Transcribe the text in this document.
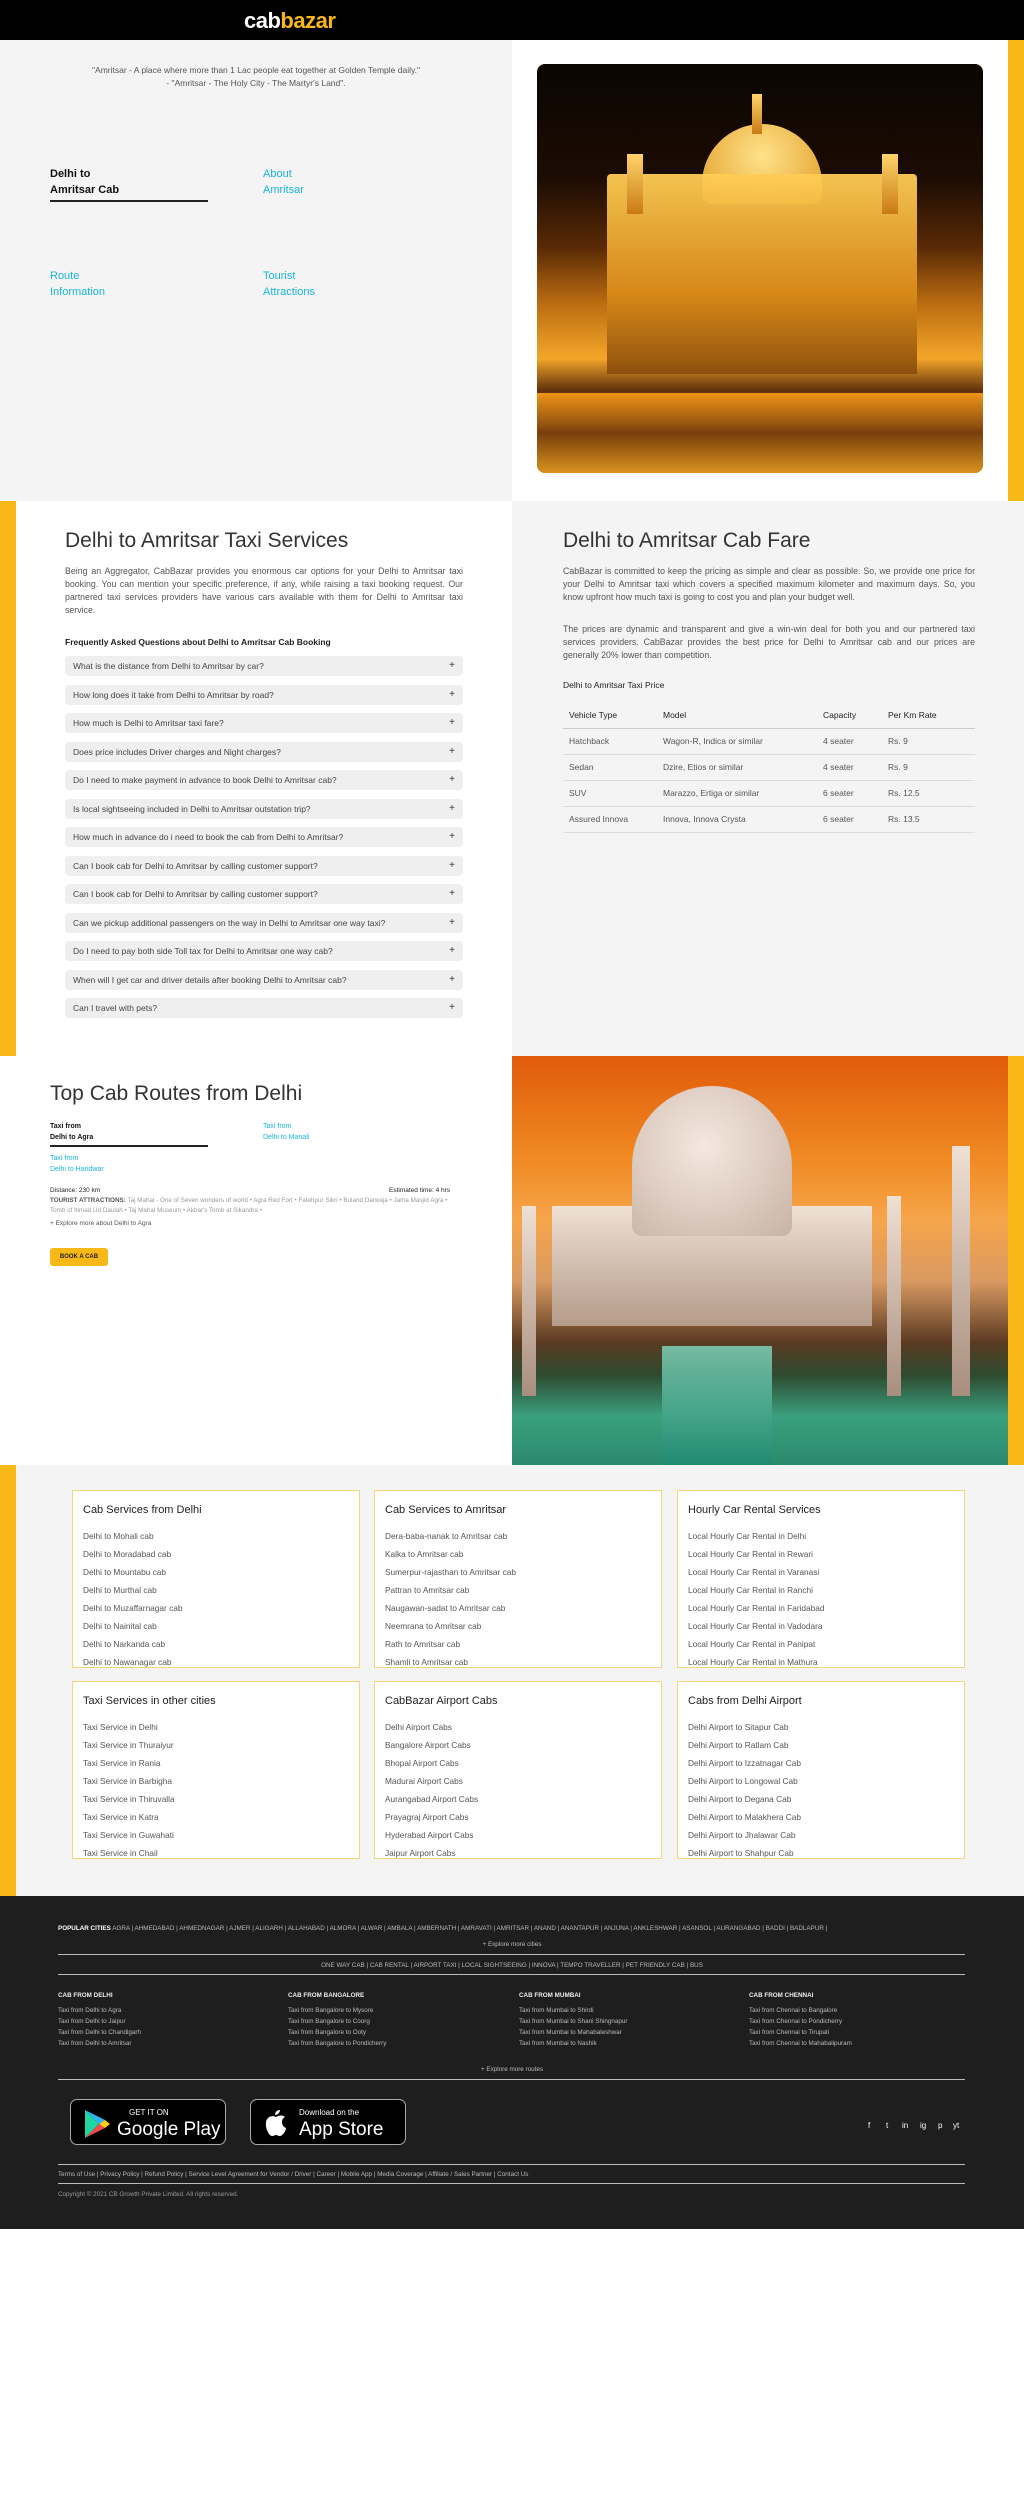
cabbazar
"Amritsar - A place where more than 1 Lac people eat together at Golden Temple daily."
- "Amritsar - The Holy City - The Martyr's Land".
Delhi to
Amritsar Cab
About
Amritsar
Route
Information
Tourist
Attractions
Delhi to Amritsar Taxi Services

Being an Aggregator, CabBazar provides you enormous car options for your Delhi to Amritsar taxi booking. You can mention your specific preference, if any, while raising a taxi booking request. Our partnered taxi services providers have various cars available with them for Delhi to Amritsar taxi service.

Frequently Asked Questions about Delhi to Amritsar Cab Booking
What is the distance from Delhi to Amritsar by car?	+
How long does it take from Delhi to Amritsar by road?	+
How much is Delhi to Amritsar taxi fare?	+
Does price includes Driver charges and Night charges?	+
Do I need to make payment in advance to book Delhi to Amritsar cab?	+
Is local sightseeing included in Delhi to Amritsar outstation trip?	+
How much in advance do i need to book the cab from Delhi to Amritsar?	+
Can I book cab for Delhi to Amritsar by calling customer support?	+
Can I book cab for Delhi to Amritsar by calling customer support?	+
Can we pickup additional passengers on the way in Delhi to Amritsar one way taxi?	+
Do I need to pay both side Toll tax for Delhi to Amritsar one way cab?	+
When will I get car and driver details after booking Delhi to Amritsar cab?	+
Can I travel with pets?	+
Delhi to Amritsar Cab Fare

CabBazar is committed to keep the pricing as simple and clear as possible. So, we provide one price for your Delhi to Amritsar taxi which covers a specified maximum kilometer and maximum days. So, you know upfront how much taxi is going to cost you and plan your budget well.

The prices are dynamic and transparent and give a win-win deal for both you and our partnered taxi services providers. CabBazar provides the best price for Delhi to Amritsar cab and our prices are generally 20% lower than competition.

Delhi to Amritsar Taxi Price
Vehicle Type	Model	Capacity	Per Km Rate
Hatchback	Wagon-R, Indica or similar	4 seater	Rs. 9
Sedan	Dzire, Etios or similar	4 seater	Rs. 9
SUV	Marazzo, Ertiga or similar	6 seater	Rs. 12.5
Assured Innova	Innova, Innova Crysta	6 seater	Rs. 13.5
Top Cab Routes from Delhi
Taxi from
Delhi to Agra
Taxi from
Delhi to Manali
Taxi from
Delhi to Haridwar
Distance: 230 km	Estimated time: 4 hrs
TOURIST ATTRACTIONS: Taj Mahal - One of Seven wonders of world • Agra Red Fort • Fatehpur Sikri • Buland Darwaja • Jama Masjid Agra • Tomb of Itimad Ud Daulah • Taj Mahal Museum • Akbar's Tomb at Sikandra •
+ Explore more about Delhi to Agra
BOOK A CAB
Cab Services from Delhi
Delhi to Mohali cab
Delhi to Moradabad cab
Delhi to Mountabu cab
Delhi to Murthal cab
Delhi to Muzaffarnagar cab
Delhi to Nainital cab
Delhi to Narkanda cab
Delhi to Nawanagar cab
Cab Services to Amritsar
Dera-baba-nanak to Amritsar cab
Kalka to Amritsar cab
Sumerpur-rajasthan to Amritsar cab
Pattran to Amritsar cab
Naugawan-sadat to Amritsar cab
Neemrana to Amritsar cab
Rath to Amritsar cab
Shamli to Amritsar cab
Hourly Car Rental Services
Local Hourly Car Rental in Delhi
Local Hourly Car Rental in Rewari
Local Hourly Car Rental in Varanasi
Local Hourly Car Rental in Ranchi
Local Hourly Car Rental in Faridabad
Local Hourly Car Rental in Vadodara
Local Hourly Car Rental in Panipat
Local Hourly Car Rental in Mathura
Taxi Services in other cities
Taxi Service in Delhi
Taxi Service in Thuraiyur
Taxi Service in Rania
Taxi Service in Barbigha
Taxi Service in Thiruvalla
Taxi Service in Katra
Taxi Service in Guwahati
Taxi Service in Chail
CabBazar Airport Cabs
Delhi Airport Cabs
Bangalore Airport Cabs
Bhopal Airport Cabs
Madurai Airport Cabs
Aurangabad Airport Cabs
Prayagraj Airport Cabs
Hyderabad Airport Cabs
Jaipur Airport Cabs
Cabs from Delhi Airport
Delhi Airport to Sitapur Cab
Delhi Airport to Ratlam Cab
Delhi Airport to Izzatnagar Cab
Delhi Airport to Longowal Cab
Delhi Airport to Degana Cab
Delhi Airport to Malakhera Cab
Delhi Airport to Jhalawar Cab
Delhi Airport to Shahpur Cab
POPULAR CITIES AGRA | AHMEDABAD | AHMEDNAGAR | AJMER | ALIGARH | ALLAHABAD | ALMORA | ALWAR | AMBALA | AMBERNATH | AMRAVATI | AMRITSAR | ANAND | ANANTAPUR | ANJUNA | ANKLESHWAR | ASANSOL | AURANGABAD | BADDI | BADLAPUR |
+ Explore more cities
ONE WAY CAB | CAB RENTAL | AIRPORT TAXI | LOCAL SIGHTSEEING | INNOVA | TEMPO TRAVELLER | PET FRIENDLY CAB | BUS
CAB FROM DELHI
Taxi from Delhi to Agra
Taxi from Delhi to Jaipur
Taxi from Delhi to Chandigarh
Taxi from Delhi to Amritsar
CAB FROM BANGALORE
Taxi from Bangalore to Mysore
Taxi from Bangalore to Coorg
Taxi from Bangalore to Ooty
Taxi from Bangalore to Pondicherry
CAB FROM MUMBAI
Taxi from Mumbai to Shirdi
Taxi from Mumbai to Shani Shingnapur
Taxi from Mumbai to Mahabaleshwar
Taxi from Mumbai to Nashik
CAB FROM CHENNAI
Taxi from Chennai to Bangalore
Taxi from Chennai to Pondicherry
Taxi from Chennai to Tirupati
Taxi from Chennai to Mahabalipuram
+ Explore more routes
GET IT ON
Google Play
Download on the
App Store	f t in ig p yt
Terms of Use | Privacy Policy | Refund Policy | Service Level Agreement for Vendor / Driver | Career | Mobile App | Media Coverage | Affiliate / Sales Partner | Contact Us
Copyright © 2021 CB Growth Private Limited. All rights reserved.
